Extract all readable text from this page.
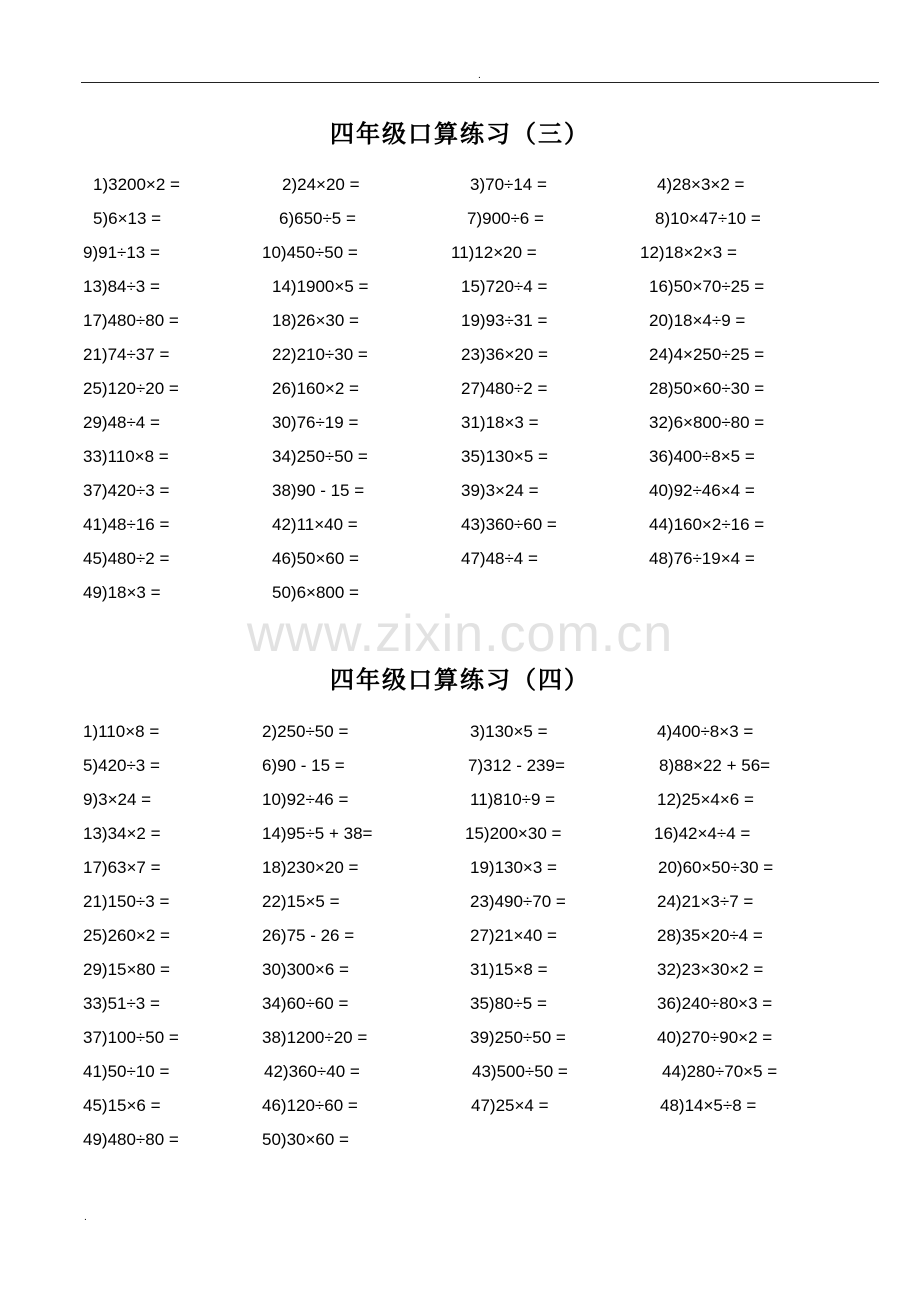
.
四年级口算练习（三）
1)3200×2 =	2)24×20 =	3)70÷14 =	4)28×3×2 =
5)6×13 =	6)650÷5 =	7)900÷6 =	8)10×47÷10 =
9)91÷13 =	10)450÷50 =	11)12×20 =	12)18×2×3 =
13)84÷3 =	14)1900×5 =	15)720÷4 =	16)50×70÷25 =
17)480÷80 =	18)26×30 =	19)93÷31 =	20)18×4÷9 =
21)74÷37 =	22)210÷30 =	23)36×20 =	24)4×250÷25 =
25)120÷20 =	26)160×2 =	27)480÷2 =	28)50×60÷30 =
29)48÷4 =	30)76÷19 =	31)18×3 =	32)6×800÷80 =
33)110×8 =	34)250÷50 =	35)130×5 =	36)400÷8×5 =
37)420÷3 =	38)90 - 15 =	39)3×24 =	40)92÷46×4 =
41)48÷16 =	42)11×40 =	43)360÷60 =	44)160×2÷16 =
45)480÷2 =	46)50×60 =	47)48÷4 =	48)76÷19×4 =
49)18×3 =	50)6×800 =
www.zixin.com.cn
四年级口算练习（四）
1)110×8 =	2)250÷50 =	3)130×5 =	4)400÷8×3 =
5)420÷3 =	6)90 - 15 =	7)312 - 239=	8)88×22 + 56=
9)3×24 =	10)92÷46 =	11)810÷9 =	12)25×4×6 =
13)34×2 =	14)95÷5 + 38=	15)200×30 =	16)42×4÷4 =
17)63×7 =	18)230×20 =	19)130×3 =	20)60×50÷30 =
21)150÷3 =	22)15×5 =	23)490÷70 =	24)21×3÷7 =
25)260×2 =	26)75 - 26 =	27)21×40 =	28)35×20÷4 =
29)15×80 =	30)300×6 =	31)15×8 =	32)23×30×2 =
33)51÷3 =	34)60÷60 =	35)80÷5 =	36)240÷80×3 =
37)100÷50 =	38)1200÷20 =	39)250÷50 =	40)270÷90×2 =
41)50÷10 =	42)360÷40 =	43)500÷50 =	44)280÷70×5 =
45)15×6 =	46)120÷60 =	47)25×4 =	48)14×5÷8 =
49)480÷80 =	50)30×60 =
.
